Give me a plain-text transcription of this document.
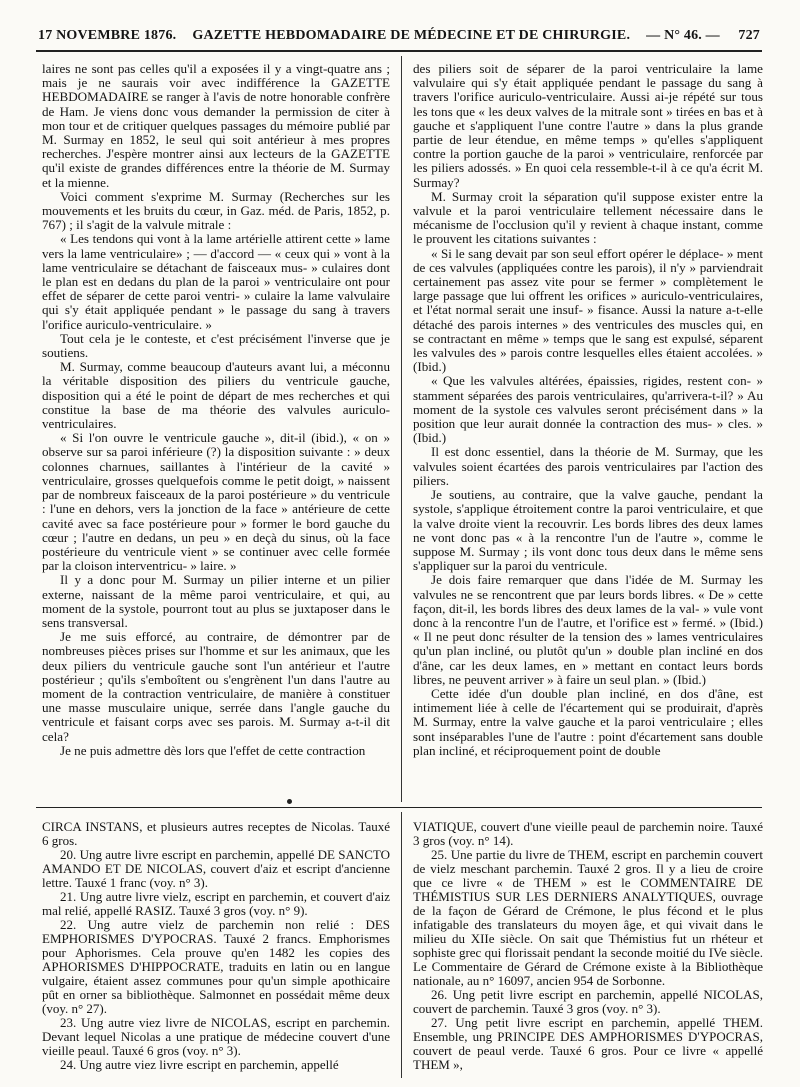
17 NOVEMBRE 1876. GAZETTE HEBDOMADAIRE DE MÉDECINE ET DE CHIRURGIE. — N° 46. — 727

laires ne sont pas celles qu'il a exposées il y a vingt-quatre ans ; mais je ne saurais voir avec indifférence la GAZETTE HEBDOMADAIRE se ranger à l'avis de notre honorable confrère de Ham. Je viens donc vous demander la permission de citer à mon tour et de critiquer quelques passages du mémoire publié par M. Surmay en 1852, le seul qui soit antérieur à mes propres recherches. J'espère montrer ainsi aux lecteurs de la GAZETTE qu'il existe de grandes différences entre la théorie de M. Surmay et la mienne.

Voici comment s'exprime M. Surmay (Recherches sur les mouvements et les bruits du cœur, in Gaz. méd. de Paris, 1852, p. 767) ; il s'agit de la valvule mitrale :

« Les tendons qui vont à la lame artérielle attirent cette » lame vers la lame ventriculaire» ; — d'accord — « ceux qui » vont à la lame ventriculaire se détachant de faisceaux mus- » culaires dont le plan est en dedans du plan de la paroi » ventriculaire ont pour effet de séparer de cette paroi ventri- » culaire la lame valvulaire qui s'y était appliquée pendant » le passage du sang à travers l'orifice auriculo-ventriculaire. »

Tout cela je le conteste, et c'est précisément l'inverse que je soutiens.

M. Surmay, comme beaucoup d'auteurs avant lui, a méconnu la véritable disposition des piliers du ventricule gauche, disposition qui a été le point de départ de mes recherches et qui constitue la base de ma théorie des valvules auriculo-ventriculaires.

« Si l'on ouvre le ventricule gauche », dit-il (ibid.), « on » observe sur sa paroi inférieure (?) la disposition suivante : » deux colonnes charnues, saillantes à l'intérieur de la cavité » ventriculaire, grosses quelquefois comme le petit doigt, » naissent par de nombreux faisceaux de la paroi postérieure » du ventricule : l'une en dehors, vers la jonction de la face » antérieure de cette cavité avec sa face postérieure pour » former le bord gauche du cœur ; l'autre en dedans, un peu » en deçà du sinus, où la face postérieure du ventricule vient » se continuer avec celle formée par la cloison interventricu- » laire. »

Il y a donc pour M. Surmay un pilier interne et un pilier externe, naissant de la même paroi ventriculaire, et qui, au moment de la systole, pourront tout au plus se juxtaposer dans le sens transversal.

Je me suis efforcé, au contraire, de démontrer par de nombreuses pièces prises sur l'homme et sur les animaux, que les deux piliers du ventricule gauche sont l'un antérieur et l'autre postérieur ; qu'ils s'emboîtent ou s'engrènent l'un dans l'autre au moment de la contraction ventriculaire, de manière à constituer une masse musculaire unique, serrée dans l'angle gauche du ventricule et faisant corps avec ses parois. M. Surmay a-t-il dit cela?

Je ne puis admettre dès lors que l'effet de cette contraction

des piliers soit de séparer de la paroi ventriculaire la lame valvulaire qui s'y était appliquée pendant le passage du sang à travers l'orifice auriculo-ventriculaire. Aussi ai-je répété sur tous les tons que « les deux valves de la mitrale sont » tirées en bas et à gauche et s'appliquent l'une contre l'autre » dans la plus grande partie de leur étendue, en même temps » qu'elles s'appliquent contre la portion gauche de la paroi » ventriculaire, renforcée par les piliers adossés. » En quoi cela ressemble-t-il à ce qu'a écrit M. Surmay?

M. Surmay croit la séparation qu'il suppose exister entre la valvule et la paroi ventriculaire tellement nécessaire dans le mécanisme de l'occlusion qu'il y revient à chaque instant, comme le prouvent les citations suivantes :

« Si le sang devait par son seul effort opérer le déplace- » ment de ces valvules (appliquées contre les parois), il n'y » parviendrait certainement pas assez vite pour se fermer » complètement le large passage que lui offrent les orifices » auriculo-ventriculaires, et l'état normal serait une insuf- » fisance. Aussi la nature a-t-elle détaché des parois internes » des ventricules des muscles qui, en se contractant en même » temps que le sang est expulsé, séparent les valvules des » parois contre lesquelles elles étaient accolées. » (Ibid.)

« Que les valvules altérées, épaissies, rigides, restent con- » stamment séparées des parois ventriculaires, qu'arrivera-t-il? » Au moment de la systole ces valvules seront précisément dans » la position que leur aurait donnée la contraction des mus- » cles. » (Ibid.)

Il est donc essentiel, dans la théorie de M. Surmay, que les valvules soient écartées des parois ventriculaires par l'action des piliers.

Je soutiens, au contraire, que la valve gauche, pendant la systole, s'applique étroitement contre la paroi ventriculaire, et que la valve droite vient la recouvrir. Les bords libres des deux lames ne vont donc pas « à la rencontre l'un de l'autre », comme le suppose M. Surmay ; ils vont donc tous deux dans le même sens s'appliquer sur la paroi du ventricule.

Je dois faire remarquer que dans l'idée de M. Surmay les valvules ne se rencontrent que par leurs bords libres. « De » cette façon, dit-il, les bords libres des deux lames de la val- » vule vont donc à la rencontre l'un de l'autre, et l'orifice est » fermé. » (Ibid.) « Il ne peut donc résulter de la tension des » lames ventriculaires qu'un plan incliné, ou plutôt qu'un » double plan incliné en dos d'âne, car les deux lames, en » mettant en contact leurs bords libres, ne peuvent arriver » à faire un seul plan. » (Ibid.)

Cette idée d'un double plan incliné, en dos d'âne, est intimement liée à celle de l'écartement qui se produirait, d'après M. Surmay, entre la valve gauche et la paroi ventriculaire ; elles sont inséparables l'une de l'autre : point d'écartement sans double plan incliné, et réciproquement point de double

CIRCA INSTANS, et plusieurs autres receptes de Nicolas. Tauxé 6 gros.

20. Ung autre livre escript en parchemin, appellé DE SANCTO AMANDO ET DE NICOLAS, couvert d'aiz et escript d'ancienne lettre. Tauxé 1 franc (voy. n° 3).

21. Ung autre livre vielz, escript en parchemin, et couvert d'aiz mal relié, appellé RASIZ. Tauxé 3 gros (voy. n° 9).

22. Ung autre vielz de parchemin non relié : DES EMPHORISMES D'YPOCRAS. Tauxé 2 francs. Emphorismes pour Aphorismes. Cela prouve qu'en 1482 les copies des APHORISMES D'HIPPOCRATE, traduits en latin ou en langue vulgaire, étaient assez communes pour qu'un simple apothicaire pût en orner sa bibliothèque. Salmonnet en possédait même deux (voy. n° 27).

23. Ung autre viez livre de NICOLAS, escript en parchemin. Devant lequel Nicolas a une pratique de médecine couvert d'une vieille peaul. Tauxé 6 gros (voy. n° 3).

24. Ung autre viez livre escript en parchemin, appellé

VIATIQUE, couvert d'une vieille peaul de parchemin noire. Tauxé 3 gros (voy. n° 14).

25. Une partie du livre de THEM, escript en parchemin couvert de vielz meschant parchemin. Tauxé 2 gros. Il y a lieu de croire que ce livre « de THEM » est le COMMENTAIRE DE THÉMISTIUS SUR LES DERNIERS ANALYTIQUES, ouvrage de la façon de Gérard de Crémone, le plus fécond et le plus infatigable des translateurs du moyen âge, et qui vivait dans le milieu du XIIe siècle. On sait que Thémistius fut un rhéteur et sophiste grec qui florissait pendant la seconde moitié du IVe siècle. Le Commentaire de Gérard de Crémone existe à la Bibliothèque nationale, au n° 16097, ancien 954 de Sorbonne.

26. Ung petit livre escript en parchemin, appellé NICOLAS, couvert de parchemin. Tauxé 3 gros (voy. n° 3).

27. Ung petit livre escript en parchemin, appellé THEM. Ensemble, ung PRINCIPE DES AMPHORISMES D'YPOCRAS, couvert de peaul verde. Tauxé 6 gros. Pour ce livre « appellé THEM »,
